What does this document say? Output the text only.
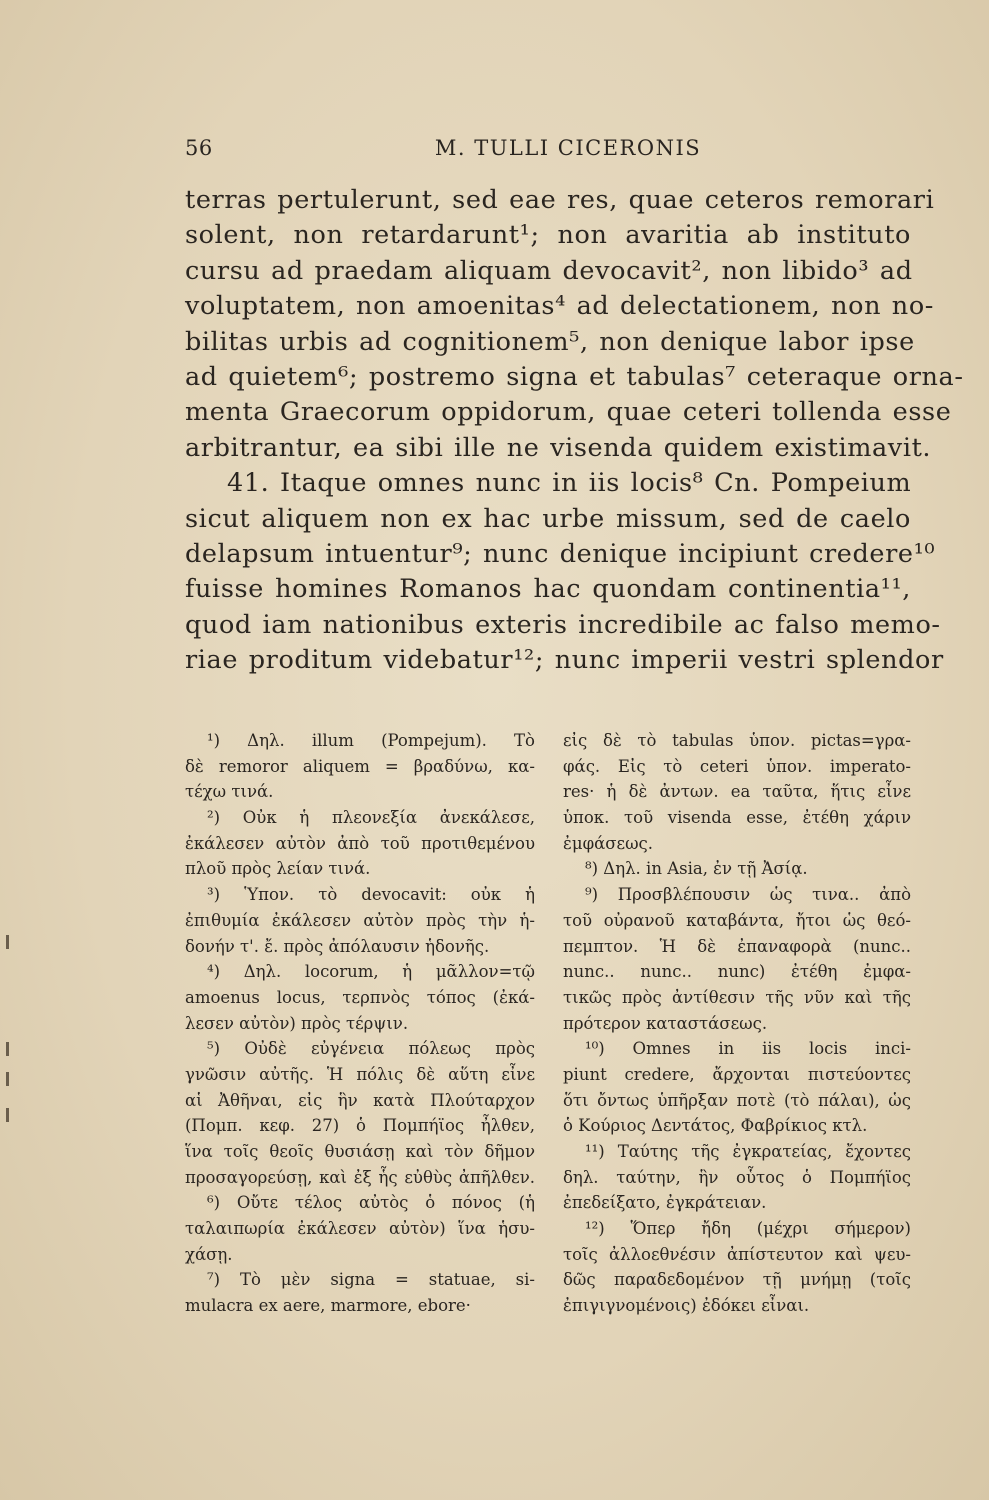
56	M. TULLI CICERONIS
terras pertulerunt, sed eae res, quae ceteros remorari
solent, non retardarunt¹; non avaritia ab instituto
cursu ad praedam aliquam devocavit², non libido³ ad
voluptatem, non amoenitas⁴ ad delectationem, non no-
bilitas urbis ad cognitionem⁵, non denique labor ipse
ad quietem⁶; postremo signa et tabulas⁷ ceteraque orna-
menta Graecorum oppidorum, quae ceteri tollenda esse
arbitrantur, ea sibi ille ne visenda quidem existimavit.
41. Itaque omnes nunc in iis locis⁸ Cn. Pompeium
sicut aliquem non ex hac urbe missum, sed de caelo
delapsum intuentur⁹; nunc denique incipiunt credere¹⁰
fuisse homines Romanos hac quondam continentia¹¹,
quod iam nationibus exteris incredibile ac falso memo-
riae proditum videbatur¹²; nunc imperii vestri splendor
¹) Δηλ. illum (Pompejum). Τὸ
δὲ remoror aliquem = βραδύνω, κα-
τέχω τινά.
²) Οὐκ ἡ πλεονεξία ἀνεκάλεσε,
ἐκάλεσεν αὐτὸν ἀπὸ τοῦ προτιθεμένου
πλοῦ πρὸς λείαν τινά.
³) Ὑπον. τὸ devocavit: οὐκ ἡ
ἐπιθυμία ἐκάλεσεν αὐτὸν πρὸς τὴν ἡ-
δονήν τ'. ἔ. πρὸς ἀπόλαυσιν ἡδονῆς.
⁴) Δηλ. locorum, ἡ μᾶλλον=τῷ
amoenus locus, τερπνὸς τόπος (ἐκά-
λεσεν αὐτὸν) πρὸς τέρψιν.
⁵) Οὐδὲ εὐγένεια πόλεως πρὸς
γνῶσιν αὐτῆς. Ἡ πόλις δὲ αὕτη εἶνε
αἱ Ἀθῆναι, εἰς ἣν κατὰ Πλούταρχον
(Πομπ. κεφ. 27) ὁ Πομπήϊος ἦλθεν,
ἵνα τοῖς θεοῖς θυσιάσῃ καὶ τὸν δῆμον
προσαγορεύσῃ, καὶ ἐξ ἧς εὐθὺς ἀπῆλθεν.
⁶) Οὔτε τέλος αὐτὸς ὁ πόνος (ἡ
ταλαιπωρία ἐκάλεσεν αὐτὸν) ἵνα ἡσυ-
χάσῃ.
⁷) Τὸ μὲν signa = statuae, si-
mulacra ex aere, marmore, ebore·
εἰς δὲ τὸ tabulas ὑπον. pictas=γρα-
φάς. Εἰς τὸ ceteri ὑπον. imperato-
res· ἡ δὲ ἀντων. ea ταῦτα, ἥτις εἶνε
ὑποκ. τοῦ visenda esse, ἐτέθη χάριν
ἐμφάσεως.
⁸) Δηλ. in Asia, ἐν τῇ Ἀσίᾳ.
⁹) Προσβλέπουσιν ὡς τινα.. ἀπὸ
τοῦ οὐρανοῦ καταβάντα, ἤτοι ὡς θεό-
πεμπτον. Ἡ δὲ ἐπαναφορὰ (nunc..
nunc.. nunc.. nunc) ἐτέθη ἐμφα-
τικῶς πρὸς ἀντίθεσιν τῆς νῦν καὶ τῆς
πρότερον καταστάσεως.
¹⁰) Omnes in iis locis inci-
piunt credere, ἄρχονται πιστεύοντες
ὅτι ὄντως ὑπῆρξαν ποτὲ (τὸ πάλαι), ὡς
ὁ Κούριος Δεντάτος, Φαβρίκιος κτλ.
¹¹) Ταύτης τῆς ἐγκρατείας, ἔχοντες
δηλ. ταύτην, ἣν οὗτος ὁ Πομπήϊος
ἐπεδείξατο, ἐγκράτειαν.
¹²) Ὅπερ ἤδη (μέχρι σήμερον)
τοῖς ἀλλοεθνέσιν ἀπίστευτον καὶ ψευ-
δῶς παραδεδομένον τῇ μνήμῃ (τοῖς
ἐπιγιγνομένοις) ἐδόκει εἶναι.
